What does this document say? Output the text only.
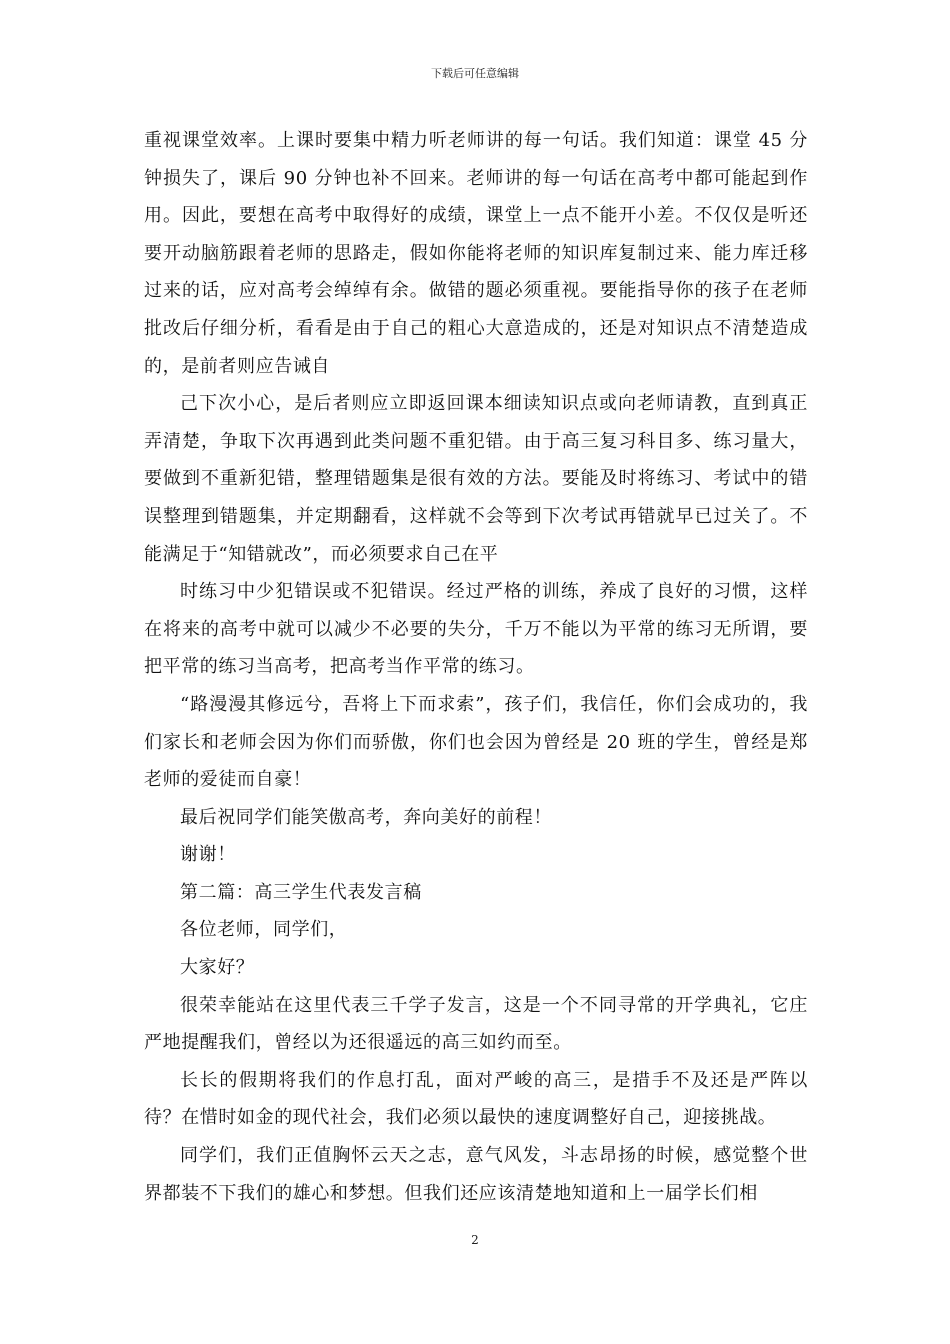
下载后可任意编辑

重视课堂效率。上课时要集中精力听老师讲的每一句话。我们知道：课堂 45 分钟损失了，课后 90 分钟也补不回来。老师讲的每一句话在高考中都可能起到作用。因此，要想在高考中取得好的成绩，课堂上一点不能开小差。不仅仅是听还要开动脑筋跟着老师的思路走，假如你能将老师的知识库复制过来、能力库迁移过来的话，应对高考会绰绰有余。做错的题必须重视。要能指导你的孩子在老师批改后仔细分析，看看是由于自己的粗心大意造成的，还是对知识点不清楚造成的，是前者则应告诫自

己下次小心，是后者则应立即返回课本细读知识点或向老师请教，直到真正弄清楚，争取下次再遇到此类问题不重犯错。由于高三复习科目多、练习量大，要做到不重新犯错，整理错题集是很有效的方法。要能及时将练习、考试中的错误整理到错题集，并定期翻看，这样就不会等到下次考试再错就早已过关了。不能满足于“知错就改”，而必须要求自己在平

时练习中少犯错误或不犯错误。经过严格的训练，养成了良好的习惯，这样在将来的高考中就可以减少不必要的失分，千万不能以为平常的练习无所谓，要把平常的练习当高考，把高考当作平常的练习。

“路漫漫其修远兮，吾将上下而求索”，孩子们，我信任，你们会成功的，我们家长和老师会因为你们而骄傲，你们也会因为曾经是 20 班的学生，曾经是郑老师的爱徒而自豪！

最后祝同学们能笑傲高考，奔向美好的前程！

谢谢！

第二篇：高三学生代表发言稿

各位老师，同学们，

大家好？

很荣幸能站在这里代表三千学子发言，这是一个不同寻常的开学典礼，它庄严地提醒我们，曾经以为还很遥远的高三如约而至。

长长的假期将我们的作息打乱，面对严峻的高三，是措手不及还是严阵以待？在惜时如金的现代社会，我们必须以最快的速度调整好自己，迎接挑战。

同学们，我们正值胸怀云天之志，意气风发，斗志昂扬的时候，感觉整个世界都装不下我们的雄心和梦想。但我们还应该清楚地知道和上一届学长们相

2
